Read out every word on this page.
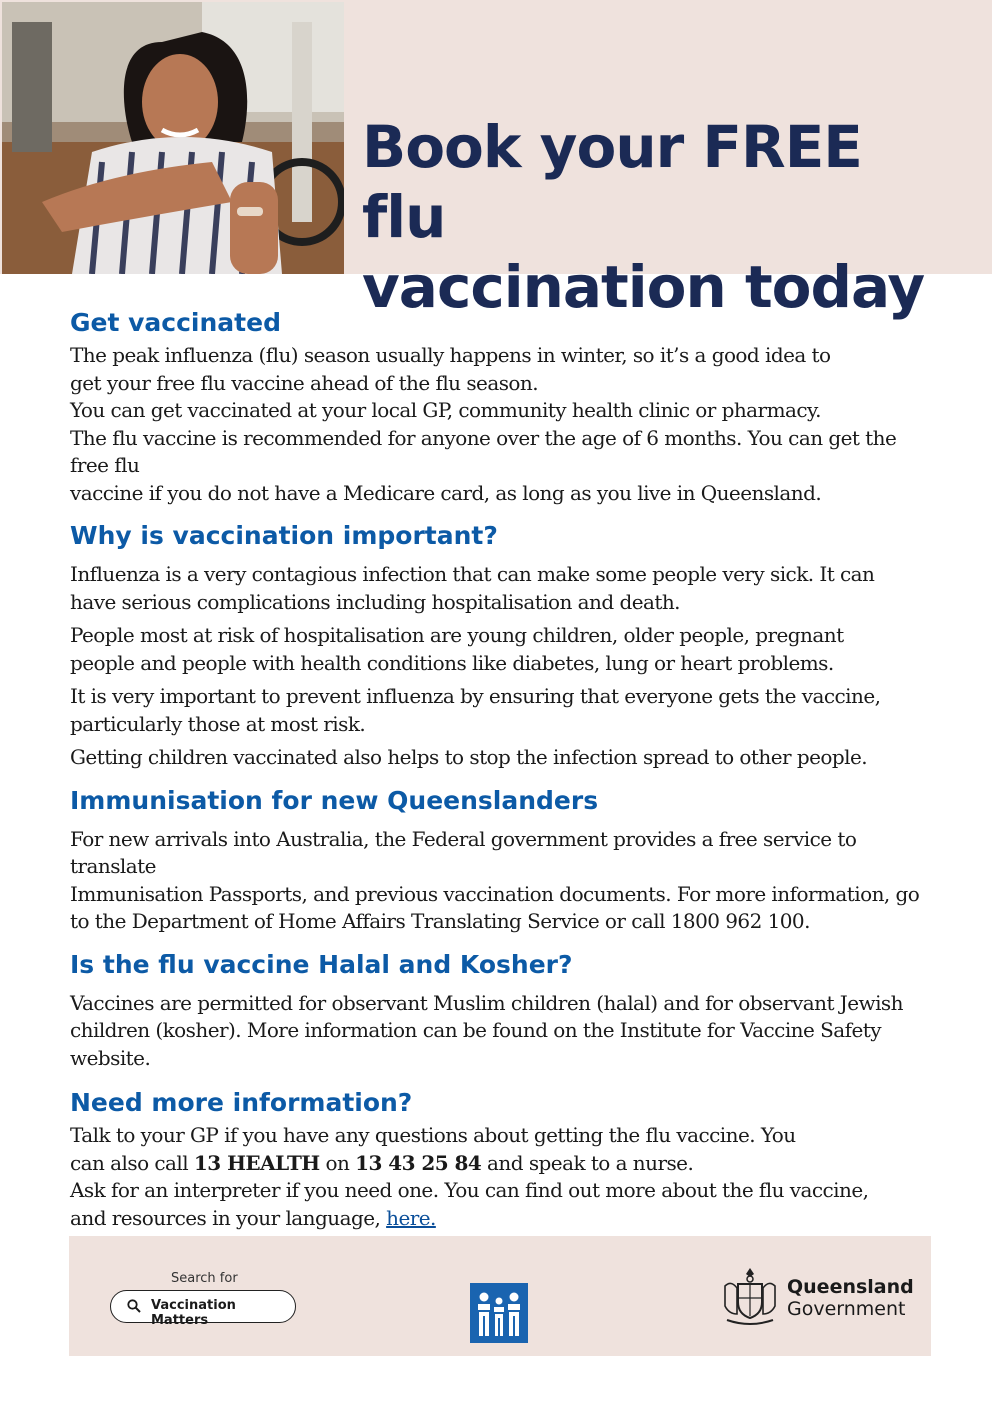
Book your FREE flu
vaccination today
Get vaccinated

The peak influenza (flu) season usually happens in winter, so it’s a good idea to
get your free flu vaccine ahead of the flu season.
You can get vaccinated at your local GP, community health clinic or pharmacy.
The flu vaccine is recommended for anyone over the age of 6 months. You can get the free flu
vaccine if you do not have a Medicare card, as long as you live in Queensland.

Why is vaccination important?

Influenza is a very contagious infection that can make some people very sick. It can
have serious complications including hospitalisation and death.

People most at risk of hospitalisation are young children, older people, pregnant
people and people with health conditions like diabetes, lung or heart problems.

It is very important to prevent influenza by ensuring that everyone gets the vaccine,
particularly those at most risk.

Getting children vaccinated also helps to stop the infection spread to other people.

Immunisation for new Queenslanders

For new arrivals into Australia, the Federal government provides a free service to translate
Immunisation Passports, and previous vaccination documents. For more information, go
to the Department of Home Affairs Translating Service or call 1800 962 100.

Is the flu vaccine Halal and Kosher?

Vaccines are permitted for observant Muslim children (halal) and for observant Jewish
children (kosher). More information can be found on the Institute for Vaccine Safety
website.

Need more information?

Talk to your GP if you have any questions about getting the flu vaccine. You
can also call 13 HEALTH on 13 43 25 84 and speak to a nurse.
Ask for an interpreter if you need one. You can find out more about the flu vaccine,
and resources in your language, here.

Search for
Vaccination Matters
Queensland
Government
